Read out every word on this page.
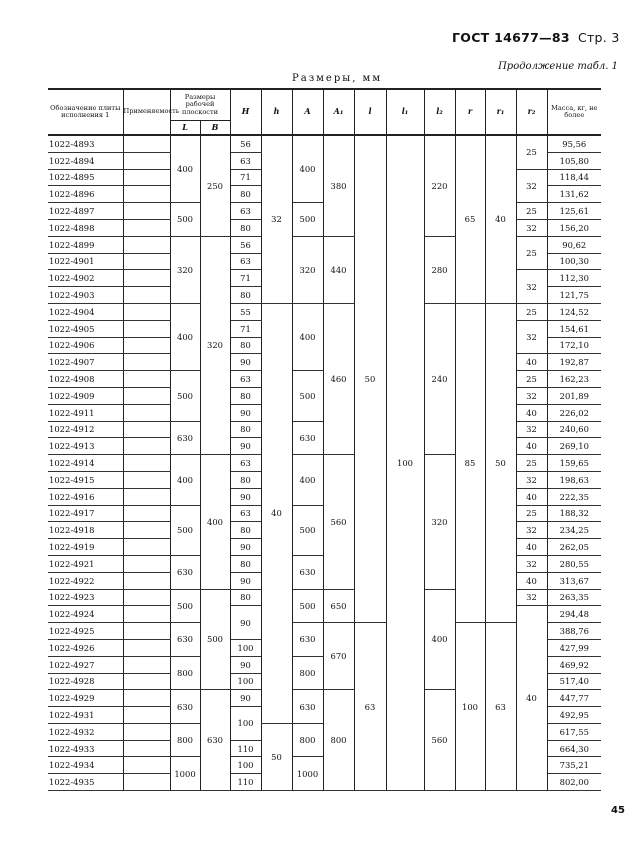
ГОСТ 14677—83 Стр. 3
Продолжение табл. 1
Размеры, мм
Обозначение плиты исполнения 1	Применяемость	Размеры рабочей плоскости		H	h	A	A₁	l	l₁	l₂	r	r₁	r₂	Масса, кг, не более
		L	B											
1022-4893		400	250	56	32	400	380	50	100	220	65	40	25	95,56
1022-4894				63										105,80
1022-4895				71									32	118,44
1022-4896				80										131,62
1022-4897		500		63		500							25	125,61
1022-4898				80									32	156,20
1022-4899		320	320	56		320	440			280			25	90,62
1022-4901				63										100,30
1022-4902				71									32	112,30
1022-4903				80										121,75
1022-4904		400		55	40	400	460			240	85	50	25	124,52
1022-4905				71									32	154,61
1022-4906				80										172,10
1022-4907				90									40	192,87
1022-4908		500		63		500							25	162,23
1022-4909				80									32	201,89
1022-4911				90									40	226,02
1022-4912		630		80		630							32	240,60
1022-4913				90									40	269,10
1022-4914		400	400	63		400	560			320			25	159,65
1022-4915				80									32	198,63
1022-4916				90									40	222,35
1022-4917		500		63		500							25	188,32
1022-4918				80									32	234,25
1022-4919				90									40	262,05
1022-4921		630		80		630							32	280,55
1022-4922				90									40	313,67
1022-4923		500	500	80		500	650			400			32	263,35
1022-4924				90									40	294,48
1022-4925		630				630	670	63			100	63		388,76
1022-4926				100										427,99
1022-4927		800		90		800								469,92
1022-4928				100										517,40
1022-4929		630	630	90		630	800			560				447,77
1022-4931				100										492,95
1022-4932		800			50	800								617,55
1022-4933				110										664,30
1022-4934		1000		100		1000								735,21
1022-4935				110										802,00
45
